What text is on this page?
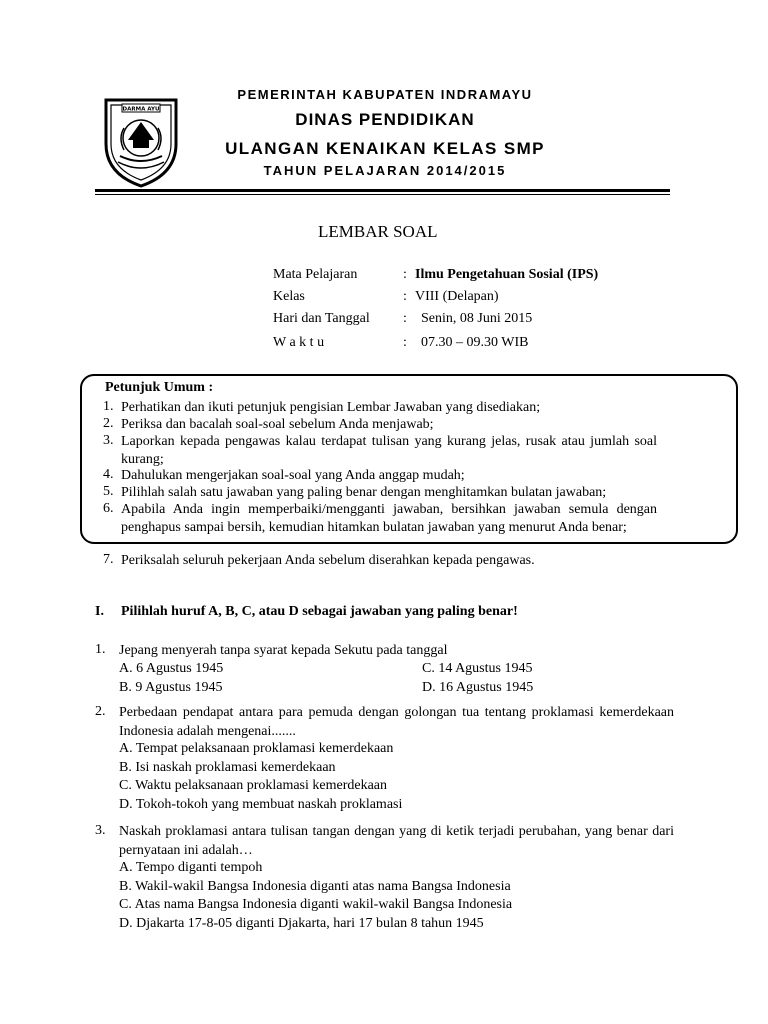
DARMA AYU
PEMERINTAH KABUPATEN INDRAMAYU
DINAS PENDIDIKAN
ULANGAN KENAIKAN KELAS SMP
TAHUN PELAJARAN 2014/2015
LEMBAR SOAL
Mata Pelajaran	: Ilmu Pengetahuan Sosial (IPS)
Kelas	: VIII (Delapan)
Hari dan Tanggal : Senin, 08 Juni 2015
W a k t u	: 07.30 – 09.30 WIB
Petunjuk Umum :
1. Perhatikan dan ikuti petunjuk pengisian Lembar Jawaban yang disediakan;
2. Periksa dan bacalah soal-soal sebelum Anda menjawab;
3. Laporkan kepada pengawas kalau terdapat tulisan yang kurang jelas, rusak atau jumlah soal kurang;
4. Dahulukan mengerjakan soal-soal yang Anda anggap mudah;
5. Pilihlah salah satu jawaban yang paling benar dengan menghitamkan bulatan jawaban;
6. Apabila Anda ingin memperbaiki/mengganti jawaban, bersihkan jawaban semula dengan penghapus sampai bersih, kemudian hitamkan bulatan jawaban yang menurut Anda benar;
7. Periksalah seluruh pekerjaan Anda sebelum diserahkan kepada pengawas.
I. Pilihlah huruf A, B, C, atau D sebagai jawaban yang paling benar!
1. Jepang menyerah tanpa syarat kepada Sekutu pada tanggal
A. 6 Agustus 1945	C. 14 Agustus 1945
B. 9 Agustus 1945	D. 16 Agustus 1945
2. Perbedaan pendapat antara para pemuda dengan golongan tua tentang proklamasi kemerdekaan Indonesia adalah mengenai.......
A. Tempat pelaksanaan proklamasi kemerdekaan
B. Isi naskah proklamasi kemerdekaan
C. Waktu pelaksanaan proklamasi kemerdekaan
D. Tokoh-tokoh yang membuat naskah proklamasi
3. Naskah proklamasi antara tulisan tangan dengan yang di ketik terjadi perubahan, yang benar dari pernyataan ini adalah…
A. Tempo diganti tempoh
B. Wakil-wakil Bangsa Indonesia diganti atas nama Bangsa Indonesia
C. Atas nama Bangsa Indonesia diganti wakil-wakil Bangsa Indonesia
D. Djakarta 17-8-05 diganti Djakarta, hari 17 bulan 8 tahun 1945
